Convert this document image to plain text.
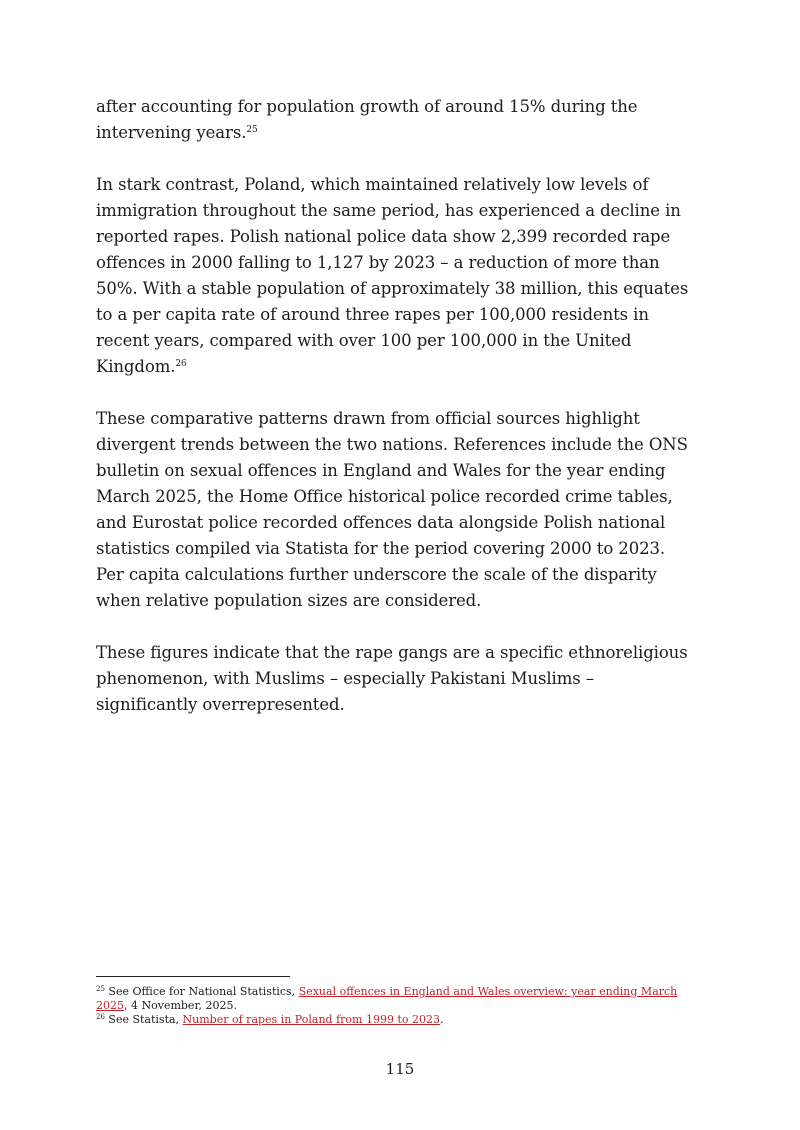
after accounting for population growth of around 15% during the intervening years.$^{25}$

In stark contrast, Poland, which maintained relatively low levels of immigration throughout the same period, has experienced a decline in reported rapes. Polish national police data show 2,399 recorded rape offences in 2000 falling to 1,127 by 2023 – a reduction of more than 50%. With a stable population of approximately 38 million, this equates to a per capita rate of around three rapes per 100,000 residents in recent years, compared with over 100 per 100,000 in the United Kingdom.$^{26}$

These comparative patterns drawn from official sources highlight divergent trends between the two nations. References include the ONS bulletin on sexual offences in England and Wales for the year ending March 2025, the Home Office historical police recorded crime tables, and Eurostat police recorded offences data alongside Polish national statistics compiled via Statista for the period covering 2000 to 2023. Per capita calculations further underscore the scale of the disparity when relative population sizes are considered.

These figures indicate that the rape gangs are a specific ethnoreligious phenomenon, with Muslims – especially Pakistani Muslims – significantly overrepresented.

$^{25}$ See Office for National Statistics, Sexual offences in England and Wales overview: year ending March 2025, 4 November, 2025.

$^{26}$ See Statista, Number of rapes in Poland from 1999 to 2023.

115
